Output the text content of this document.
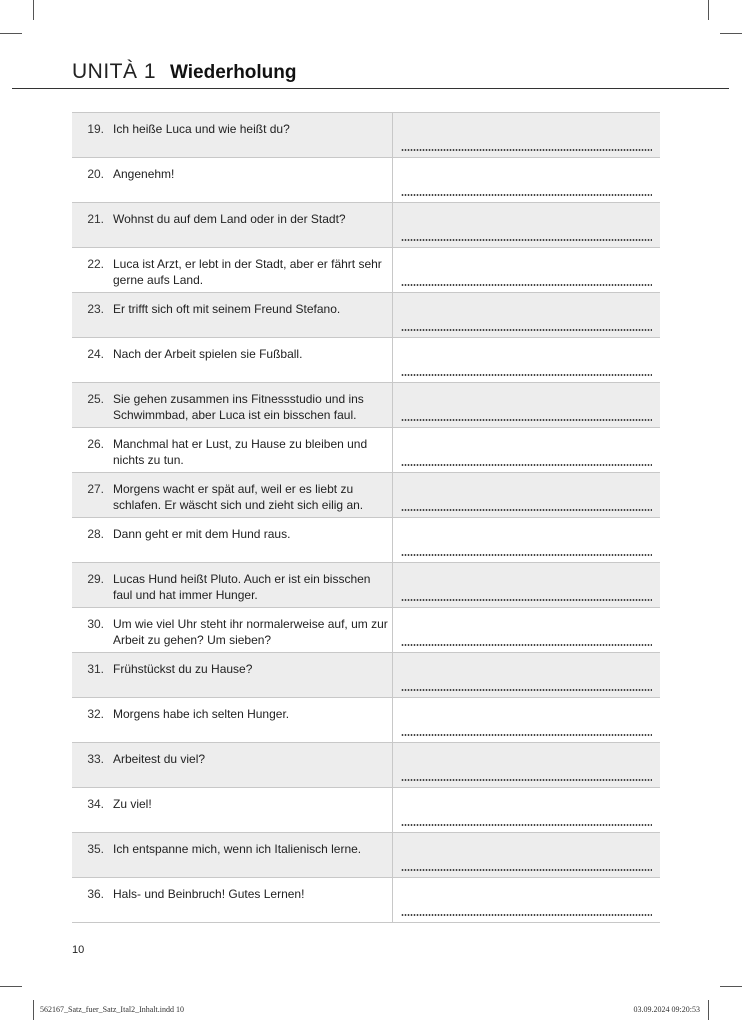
UNITÀ 1 Wiederholung
19. Ich heiße Luca und wie heißt du?
20. Angenehm!
21. Wohnst du auf dem Land oder in der Stadt?
22. Luca ist Arzt, er lebt in der Stadt, aber er fährt sehr gerne aufs Land.
23. Er trifft sich oft mit seinem Freund Stefano.
24. Nach der Arbeit spielen sie Fußball.
25. Sie gehen zusammen ins Fitnessstudio und ins Schwimmbad, aber Luca ist ein bisschen faul.
26. Manchmal hat er Lust, zu Hause zu bleiben und nichts zu tun.
27. Morgens wacht er spät auf, weil er es liebt zu schlafen. Er wäscht sich und zieht sich eilig an.
28. Dann geht er mit dem Hund raus.
29. Lucas Hund heißt Pluto. Auch er ist ein bisschen faul und hat immer Hunger.
30. Um wie viel Uhr steht ihr normalerweise auf, um zur Arbeit zu gehen? Um sieben?
31. Frühstückst du zu Hause?
32. Morgens habe ich selten Hunger.
33. Arbeitest du viel?
34. Zu viel!
35. Ich entspanne mich, wenn ich Italienisch lerne.
36. Hals- und Beinbruch! Gutes Lernen!
10
562167_Satz_fuer_Satz_Ital2_Inhalt.indd 10	03.09.2024 09:20:53
